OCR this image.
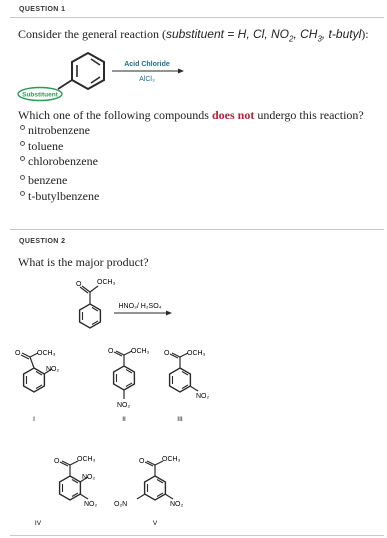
QUESTION 1
Consider the general reaction (substituent = H, Cl, $NO_2$, $CH_3$, t-butyl):
Substituent
Acid Chloride
AlCl₃
Which one of the following compounds does not undergo this reaction?
nitrobenzene
toluene
chlorobenzene
benzene
t-butylbenzene
QUESTION 2
What is the major product?
O OCH₃
HNO₃/ H₂SO₄
O OCH₃
NO₂
O	OCH₃
NO₂
O	OCH₃
NO₂
I	II	III
O	OCH₃
NO₂
NO₂
O	OCH₃
O₂N	NO₂
IV	V
